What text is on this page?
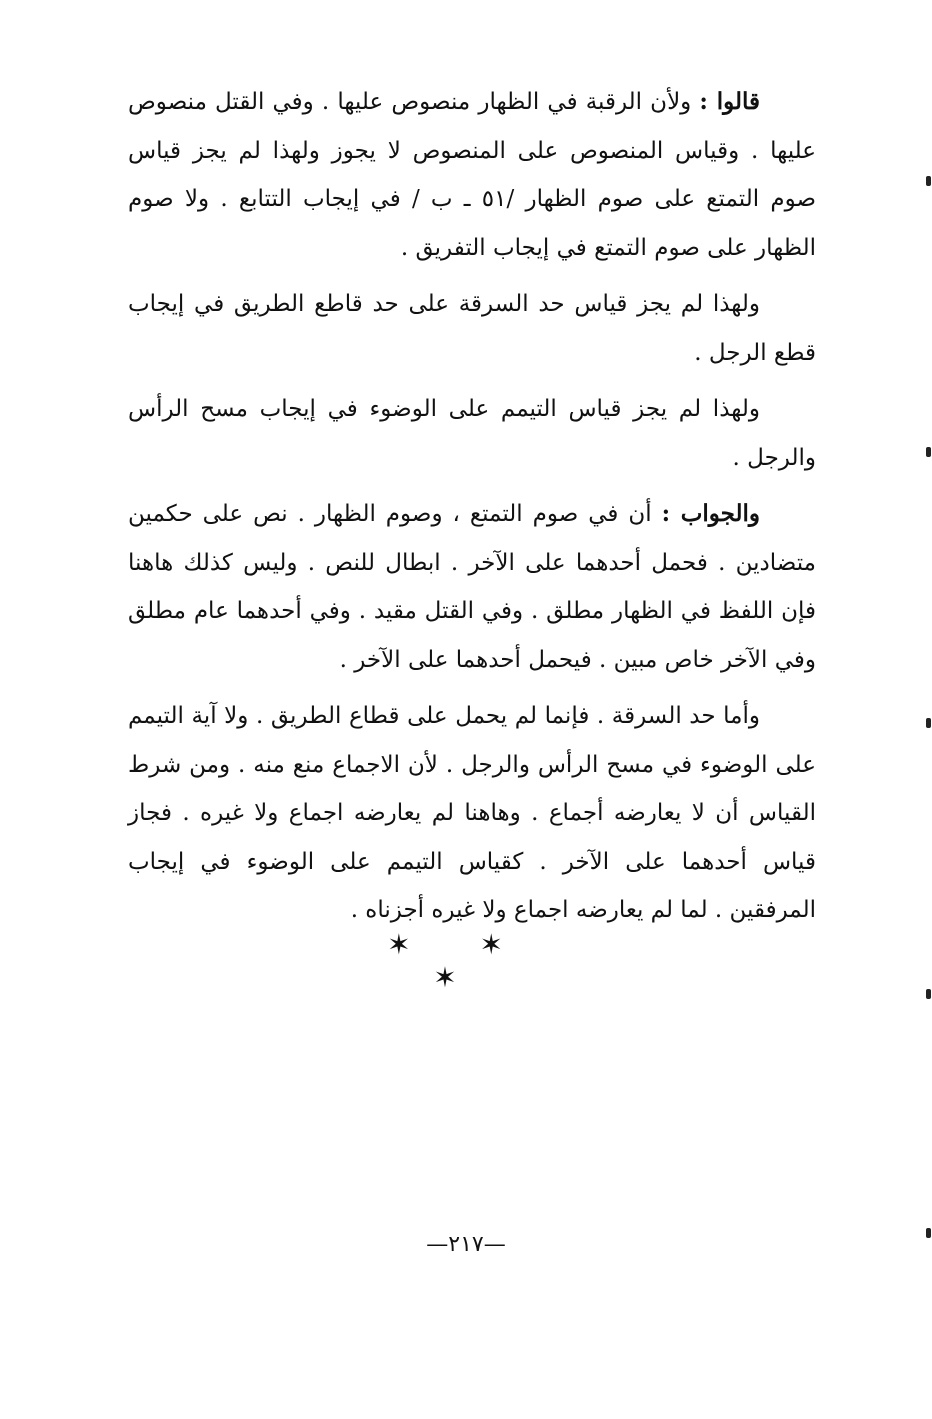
قالوا : ولأن الرقبة في الظهار منصوص عليها . وفي القتل منصوص عليها . وقياس المنصوص على المنصوص لا يجوز ولهذا لم يجز قياس صوم التمتع على صوم الظهار /٥١ ـ ب / في إيجاب التتابع . ولا صوم الظهار على صوم التمتع في إيجاب التفريق .

ولهذا لم يجز قياس حد السرقة على حد قاطع الطريق في إيجاب قطع الرجل .

ولهذا لم يجز قياس التيمم على الوضوء في إيجاب مسح الرأس والرجل .

والجواب : أن في صوم التمتع ، وصوم الظهار . نص على حكمين متضادين . فحمل أحدهما على الآخر . ابطال للنص . وليس كذلك هاهنا فإن اللفظ في الظهار مطلق . وفي القتل مقيد . وفي أحدهما عام مطلق وفي الآخر خاص مبين . فيحمل أحدهما على الآخر .

وأما حد السرقة . فإنما لم يحمل على قطاع الطريق . ولا آية التيمم على الوضوء في مسح الرأس والرجل . لأن الاجماع منع منه . ومن شرط القياس أن لا يعارضه أجماع . وهاهنا لم يعارضه اجماع ولا غيره . فجاز قياس أحدهما على الآخر . كقياس التيمم على الوضوء في إيجاب المرفقين . لما لم يعارضه اجماع ولا غيره أجزناه .

✶ ✶ ✶
—٢١٧—
